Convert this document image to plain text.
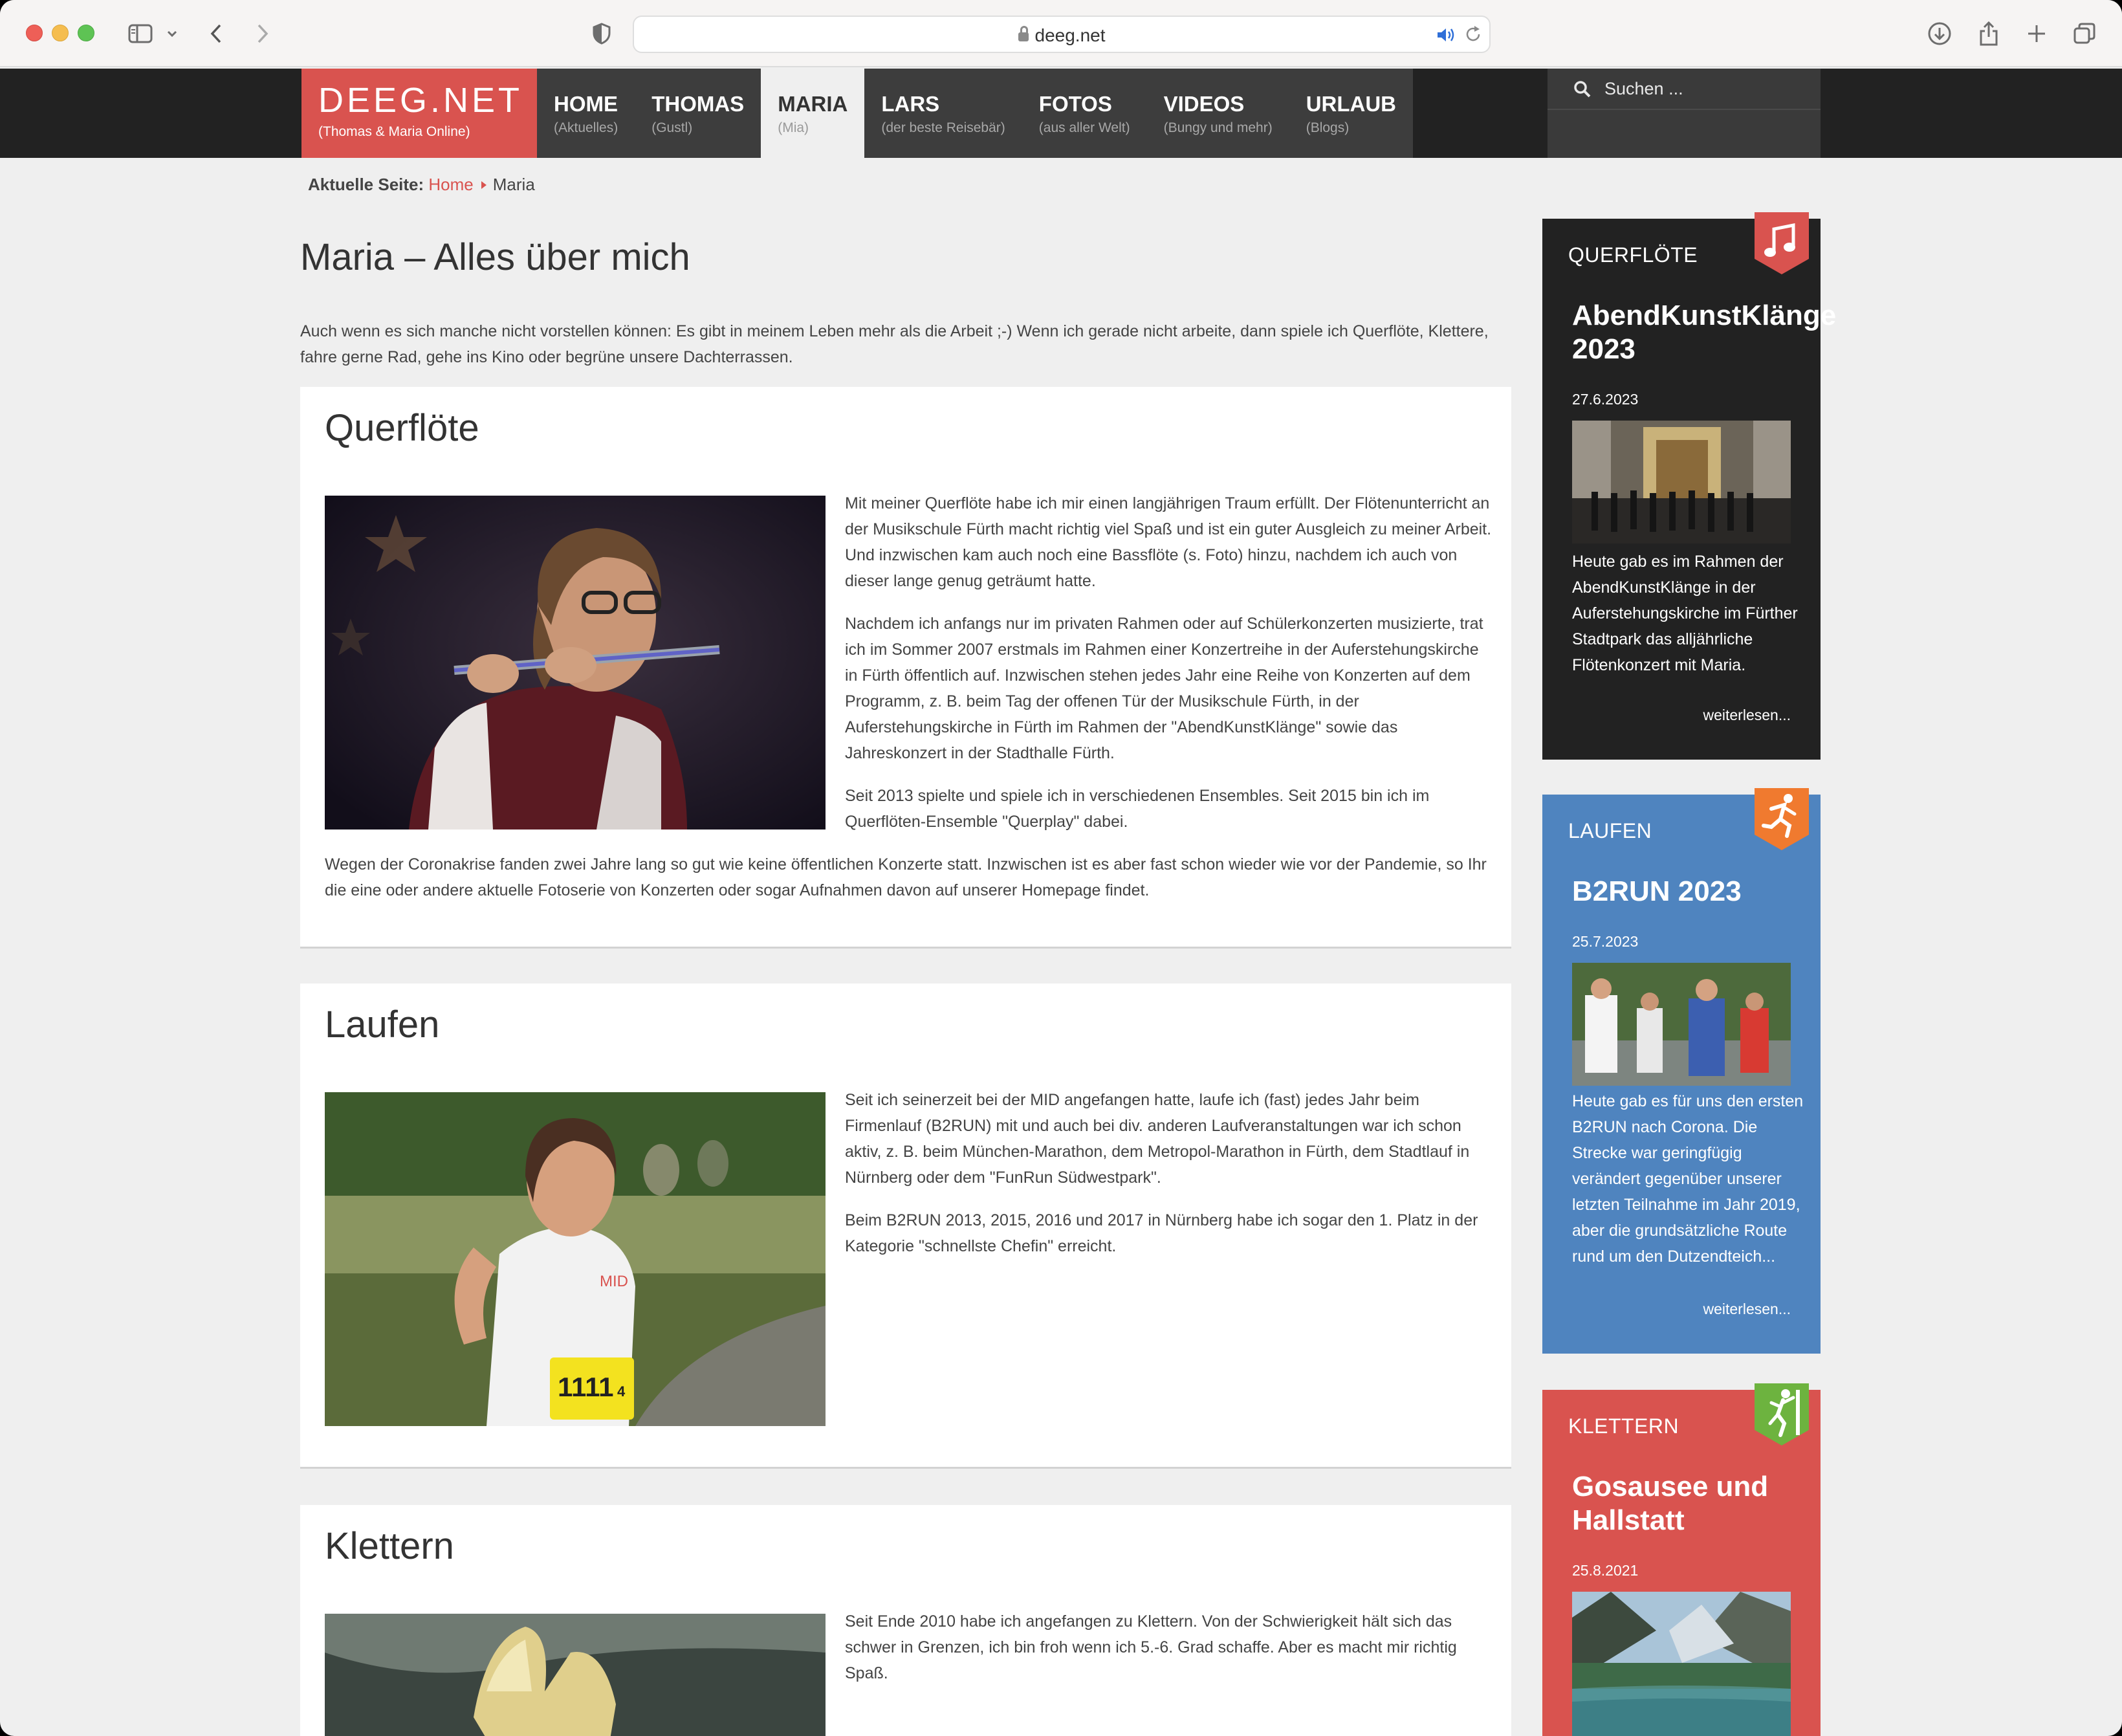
deeg.net
DEEG.NET
(Thomas & Maria Online)
HOME
(Aktuelles)
THOMAS
(Gustl)
MARIA
(Mia)
LARS
(der beste Reisebär)
FOTOS
(aus aller Welt)
VIDEOS
(Bungy und mehr)
URLAUB
(Blogs)
Suchen ...
Aktuelle Seite: Home Maria
Maria – Alles über mich
Auch wenn es sich manche nicht vorstellen können: Es gibt in meinem Leben mehr als die Arbeit ;-) Wenn ich gerade nicht arbeite, dann spiele ich Querflöte, Klettere, fahre gerne Rad, gehe ins Kino oder begrüne unsere Dachterrassen.
Querflöte

Mit meiner Querflöte habe ich mir einen langjährigen Traum erfüllt. Der Flötenunterricht an der Musikschule Fürth macht richtig viel Spaß und ist ein guter Ausgleich zu meiner Arbeit. Und inzwischen kam auch noch eine Bassflöte (s. Foto) hinzu, nachdem ich auch von dieser lange genug geträumt hatte.

Nachdem ich anfangs nur im privaten Rahmen oder auf Schülerkonzerten musizierte, trat ich im Sommer 2007 erstmals im Rahmen einer Konzertreihe in der Auferstehungskirche in Fürth öffentlich auf. Inzwischen stehen jedes Jahr eine Reihe von Konzerten auf dem Programm, z. B. beim Tag der offenen Tür der Musikschule Fürth, in der Auferstehungskirche in Fürth im Rahmen der "AbendKunstKlänge" sowie das Jahreskonzert in der Stadthalle Fürth.

Seit 2013 spielte und spiele ich in verschiedenen Ensembles. Seit 2015 bin ich im Querflöten-Ensemble "Querplay" dabei.

Wegen der Coronakrise fanden zwei Jahre lang so gut wie keine öffentlichen Konzerte statt. Inzwischen ist es aber fast schon wieder wie vor der Pandemie, so Ihr die eine oder andere aktuelle Fotoserie von Konzerten oder sogar Aufnahmen davon auf unserer Homepage findet.
Laufen
1111 4
MID

Seit ich seinerzeit bei der MID angefangen hatte, laufe ich (fast) jedes Jahr beim Firmenlauf (B2RUN) mit und auch bei div. anderen Laufveranstaltungen war ich schon aktiv, z. B. beim München-Marathon, dem Metropol-Marathon in Fürth, dem Stadtlauf in Nürnberg oder dem "FunRun Südwestpark".

Beim B2RUN 2013, 2015, 2016 und 2017 in Nürnberg habe ich sogar den 1. Platz in der Kategorie "schnellste Chefin" erreicht.

Klettern

Seit Ende 2010 habe ich angefangen zu Klettern. Von der Schwierigkeit hält sich das schwer in Grenzen, ich bin froh wenn ich 5.-6. Grad schaffe. Aber es macht mir richtig Spaß.

QUERFLÖTE
AbendKunstKlänge 2023
27.6.2023
Heute gab es im Rahmen der AbendKunstKlänge in der Auferstehungskirche im Fürther Stadtpark das alljährliche Flötenkonzert mit Maria.
weiterlesen...
LAUFEN
B2RUN 2023
25.7.2023
Heute gab es für uns den ersten B2RUN nach Corona. Die Strecke war geringfügig verändert gegenüber unserer letzten Teilnahme im Jahr 2019, aber die grundsätzliche Route rund um den Dutzendteich...
weiterlesen...
KLETTERN
Gosausee und Hallstatt
25.8.2021
